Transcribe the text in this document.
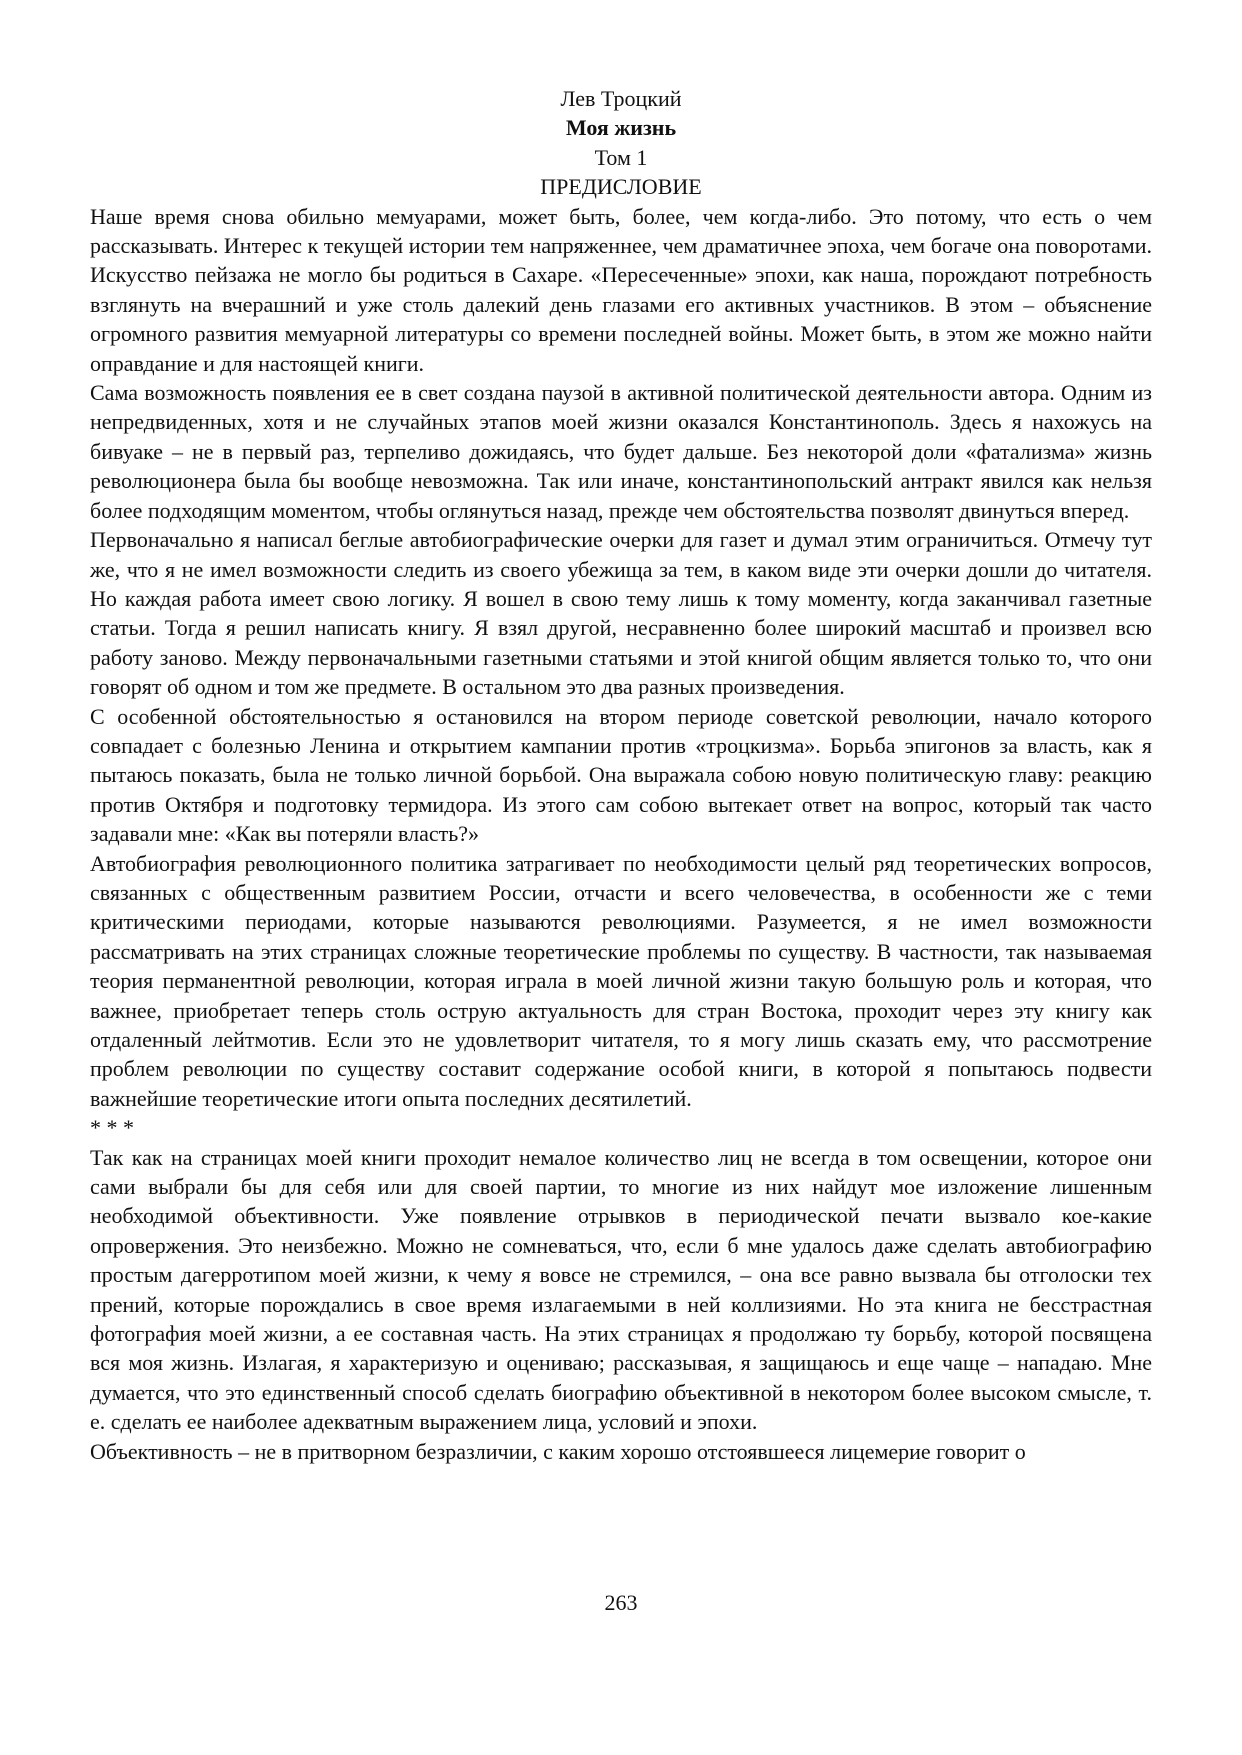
Лев Троцкий

Моя жизнь

Том 1

ПРЕДИСЛОВИЕ

Наше время снова обильно мемуарами, может быть, более, чем когда-либо. Это потому, что есть о чем рассказывать. Интерес к текущей истории тем напряженнее, чем драматичнее эпоха, чем богаче она поворотами. Искусство пейзажа не могло бы родиться в Сахаре. «Пересеченные» эпохи, как наша, порождают потребность взглянуть на вчерашний и уже столь далекий день глазами его активных участников. В этом – объяснение огромного развития мемуарной литературы со времени последней войны. Может быть, в этом же можно найти оправдание и для настоящей книги.

Сама возможность появления ее в свет создана паузой в активной политической деятельности автора. Одним из непредвиденных, хотя и не случайных этапов моей жизни оказался Константинополь. Здесь я нахожусь на бивуаке – не в первый раз, терпеливо дожидаясь, что будет дальше. Без некоторой доли «фатализма» жизнь революционера была бы вообще невозможна. Так или иначе, константинопольский антракт явился как нельзя более подходящим моментом, чтобы оглянуться назад, прежде чем обстоятельства позволят двинуться вперед.

Первоначально я написал беглые автобиографические очерки для газет и думал этим ограничиться. Отмечу тут же, что я не имел возможности следить из своего убежища за тем, в каком виде эти очерки дошли до читателя. Но каждая работа имеет свою логику. Я вошел в свою тему лишь к тому моменту, когда заканчивал газетные статьи. Тогда я решил написать книгу. Я взял другой, несравненно более широкий масштаб и произвел всю работу заново. Между первоначальными газетными статьями и этой книгой общим является только то, что они говорят об одном и том же предмете. В остальном это два разных произведения.

С особенной обстоятельностью я остановился на втором периоде советской революции, начало которого совпадает с болезнью Ленина и открытием кампании против «троцкизма». Борьба эпигонов за власть, как я пытаюсь показать, была не только личной борьбой. Она выражала собою новую политическую главу: реакцию против Октября и подготовку термидора. Из этого сам собою вытекает ответ на вопрос, который так часто задавали мне: «Как вы потеряли власть?»

Автобиография революционного политика затрагивает по необходимости целый ряд теоретических вопросов, связанных с общественным развитием России, отчасти и всего человечества, в особенности же с теми критическими периодами, которые называются революциями. Разумеется, я не имел возможности рассматривать на этих страницах сложные теоретические проблемы по существу. В частности, так называемая теория перманентной революции, которая играла в моей личной жизни такую большую роль и которая, что важнее, приобретает теперь столь острую актуальность для стран Востока, проходит через эту книгу как отдаленный лейтмотив. Если это не удовлетворит читателя, то я могу лишь сказать ему, что рассмотрение проблем революции по существу составит содержание особой книги, в которой я попытаюсь подвести важнейшие теоретические итоги опыта последних десятилетий.

* * *

Так как на страницах моей книги проходит немалое количество лиц не всегда в том освещении, которое они сами выбрали бы для себя или для своей партии, то многие из них найдут мое изложение лишенным необходимой объективности. Уже появление отрывков в периодической печати вызвало кое-какие опровержения. Это неизбежно. Можно не сомневаться, что, если б мне удалось даже сделать автобиографию простым дагерротипом моей жизни, к чему я вовсе не стремился, – она все равно вызвала бы отголоски тех прений, которые порождались в свое время излагаемыми в ней коллизиями. Но эта книга не бесстрастная фотография моей жизни, а ее составная часть. На этих страницах я продолжаю ту борьбу, которой посвящена вся моя жизнь. Излагая, я характеризую и оцениваю; рассказывая, я защищаюсь и еще чаще – нападаю. Мне думается, что это единственный способ сделать биографию объективной в некотором более высоком смысле, т. е. сделать ее наиболее адекватным выражением лица, условий и эпохи.

Объективность – не в притворном безразличии, с каким хорошо отстоявшееся лицемерие говорит о

263
